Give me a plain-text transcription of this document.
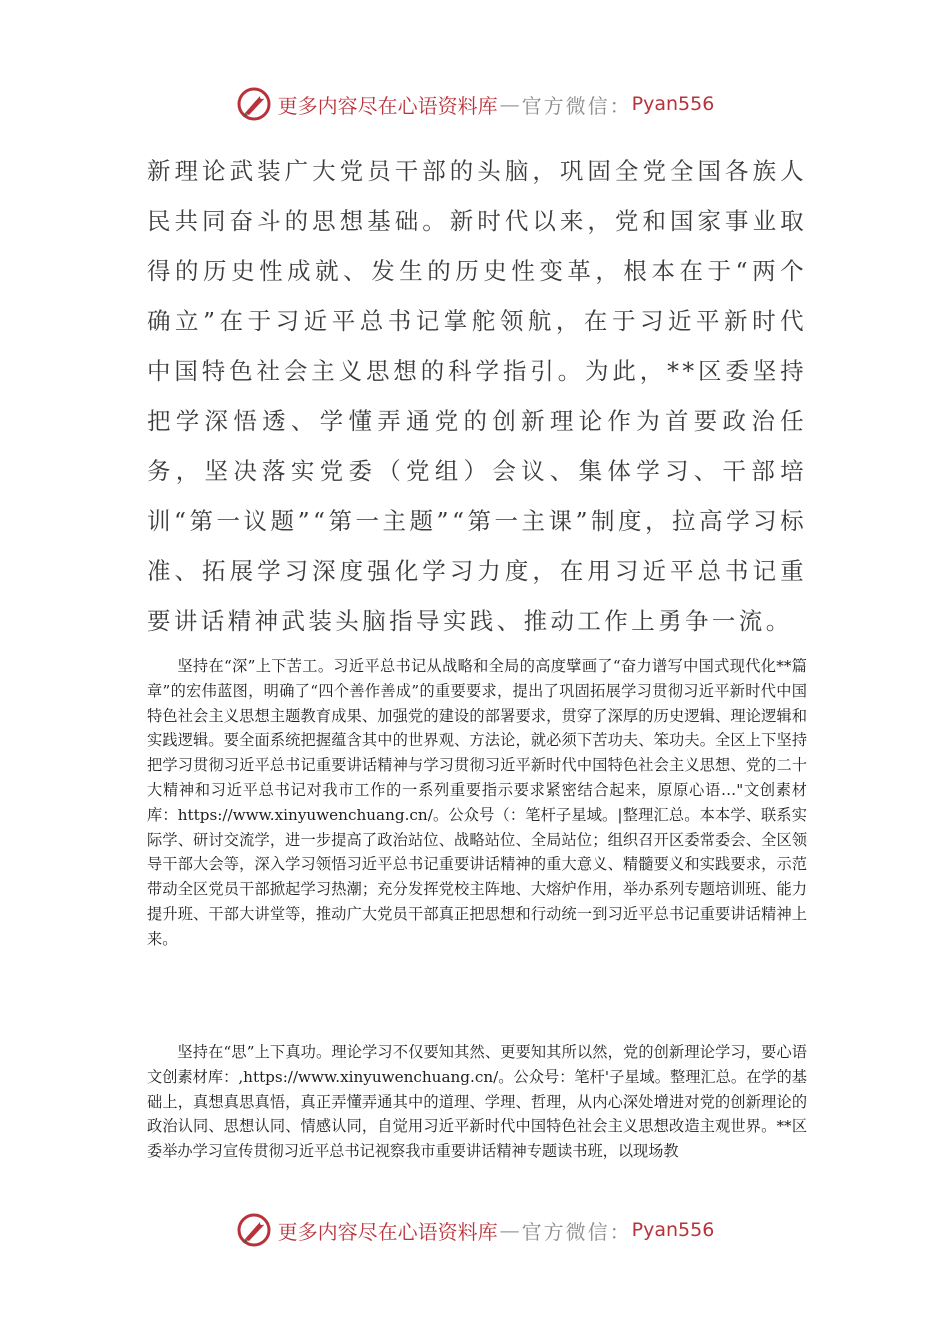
更多内容尽在心语资料库 — 官方微信： Pyan556

新理论武装广大党员干部的头脑，巩固全党全国各族人民共同奋斗的思想基础。新时代以来，党和国家事业取得的历史性成就、发生的历史性变革，根本在于“两个确立”在于习近平总书记掌舵领航，在于习近平新时代中国特色社会主义思想的科学指引。为此，**区委坚持把学深悟透、学懂弄通党的创新理论作为首要政治任务，坚决落实党委（党组）会议、集体学习、干部培训“第一议题”“第一主题”“第一主课”制度，拉高学习标准、拓展学习深度强化学习力度，在用习近平总书记重要讲话精神武装头脑指导实践、推动工作上勇争一流。

坚持在“深”上下苦工。习近平总书记从战略和全局的高度擘画了“奋力谱写中国式现代化**篇章”的宏伟蓝图，明确了“四个善作善成”的重要要求，提出了巩固拓展学习贯彻习近平新时代中国特色社会主义思想主题教育成果、加强党的建设的部署要求，贯穿了深厚的历史逻辑、理论逻辑和实践逻辑。要全面系统把握蕴含其中的世界观、方法论，就必须下苦功夫、笨功夫。全区上下坚持把学习贯彻习近平总书记重要讲话精神与学习贯彻习近平新时代中国特色社会主义思想、党的二十大精神和习近平总书记对我市工作的一系列重要指示要求紧密结合起来，原原心语…"文创素材库：https://www.xinyuwenchuang.cn/。公众号（：笔杆子星域。|整理汇总。本本学、联系实际学、研讨交流学，进一步提高了政治站位、战略站位、全局站位；组织召开区委常委会、全区领导干部大会等，深入学习领悟习近平总书记重要讲话精神的重大意义、精髓要义和实践要求，示范带动全区党员干部掀起学习热潮；充分发挥党校主阵地、大熔炉作用，举办系列专题培训班、能力提升班、干部大讲堂等，推动广大党员干部真正把思想和行动统一到习近平总书记重要讲话精神上来。

坚持在“思”上下真功。理论学习不仅要知其然、更要知其所以然，党的创新理论学习，要心语文创素材库：,https://www.xinyuwenchuang.cn/。公众号：笔杆'子星域。整理汇总。在学的基础上，真想真思真悟，真正弄懂弄通其中的道理、学理、哲理，从内心深处增进对党的创新理论的政治认同、思想认同、情感认同，自觉用习近平新时代中国特色社会主义思想改造主观世界。**区委举办学习宣传贯彻习近平总书记视察我市重要讲话精神专题读书班，以现场教

更多内容尽在心语资料库 — 官方微信： Pyan556
